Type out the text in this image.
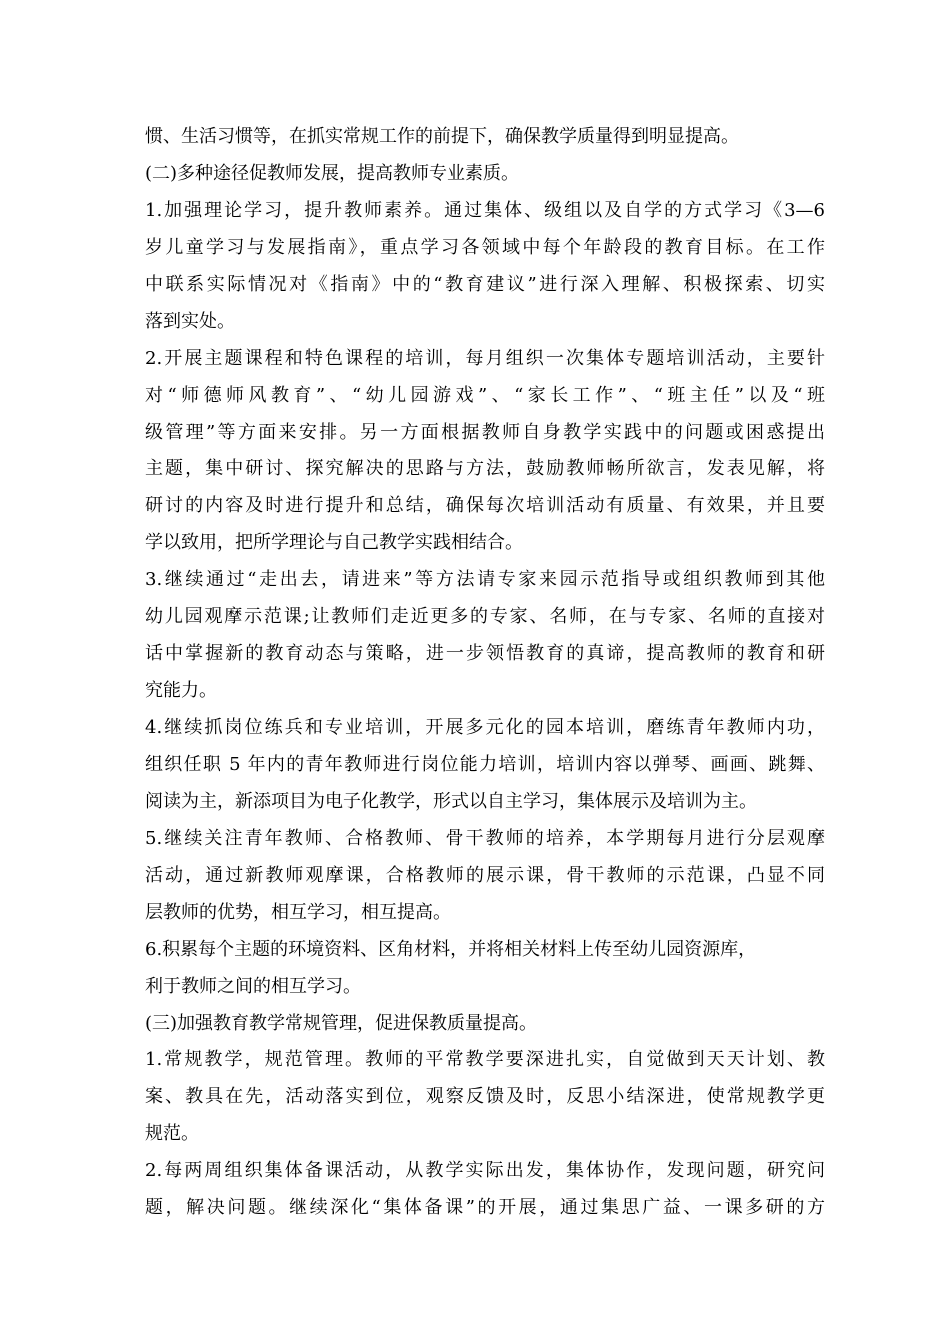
惯、生活习惯等，在抓实常规工作的前提下，确保教学质量得到明显提高。
(二)多种途径促教师发展，提高教师专业素质。
1.加强理论学习，提升教师素养。通过集体、级组以及自学的方式学习《3—6
岁儿童学习与发展指南》，重点学习各领域中每个年龄段的教育目标。在工作
中联系实际情况对《指南》中的“教育建议”进行深入理解、积极探索、切实
落到实处。
2.开展主题课程和特色课程的培训，每月组织一次集体专题培训活动，主要针
对“师德师风教育”、“幼儿园游戏”、“家长工作”、“班主任”以及“班
级管理”等方面来安排。另一方面根据教师自身教学实践中的问题或困惑提出
主题，集中研讨、探究解决的思路与方法，鼓励教师畅所欲言，发表见解，将
研讨的内容及时进行提升和总结，确保每次培训活动有质量、有效果，并且要
学以致用，把所学理论与自己教学实践相结合。
3.继续通过“走出去，请进来”等方法请专家来园示范指导或组织教师到其他
幼儿园观摩示范课;让教师们走近更多的专家、名师，在与专家、名师的直接对
话中掌握新的教育动态与策略，进一步领悟教育的真谛，提高教师的教育和研
究能力。
4.继续抓岗位练兵和专业培训，开展多元化的园本培训，磨练青年教师内功，
组织任职 5 年内的青年教师进行岗位能力培训，培训内容以弹琴、画画、跳舞、
阅读为主，新添项目为电子化教学，形式以自主学习，集体展示及培训为主。
5.继续关注青年教师、合格教师、骨干教师的培养，本学期每月进行分层观摩
活动，通过新教师观摩课，合格教师的展示课，骨干教师的示范课，凸显不同
层教师的优势，相互学习，相互提高。
6.积累每个主题的环境资料、区角材料，并将相关材料上传至幼儿园资源库，
利于教师之间的相互学习。
(三)加强教育教学常规管理，促进保教质量提高。
1.常规教学，规范管理。教师的平常教学要深进扎实，自觉做到天天计划、教
案、教具在先，活动落实到位，观察反馈及时，反思小结深进，使常规教学更
规范。
2.每两周组织集体备课活动，从教学实际出发，集体协作，发现问题，研究问
题，解决问题。继续深化“集体备课”的开展，通过集思广益、一课多研的方
